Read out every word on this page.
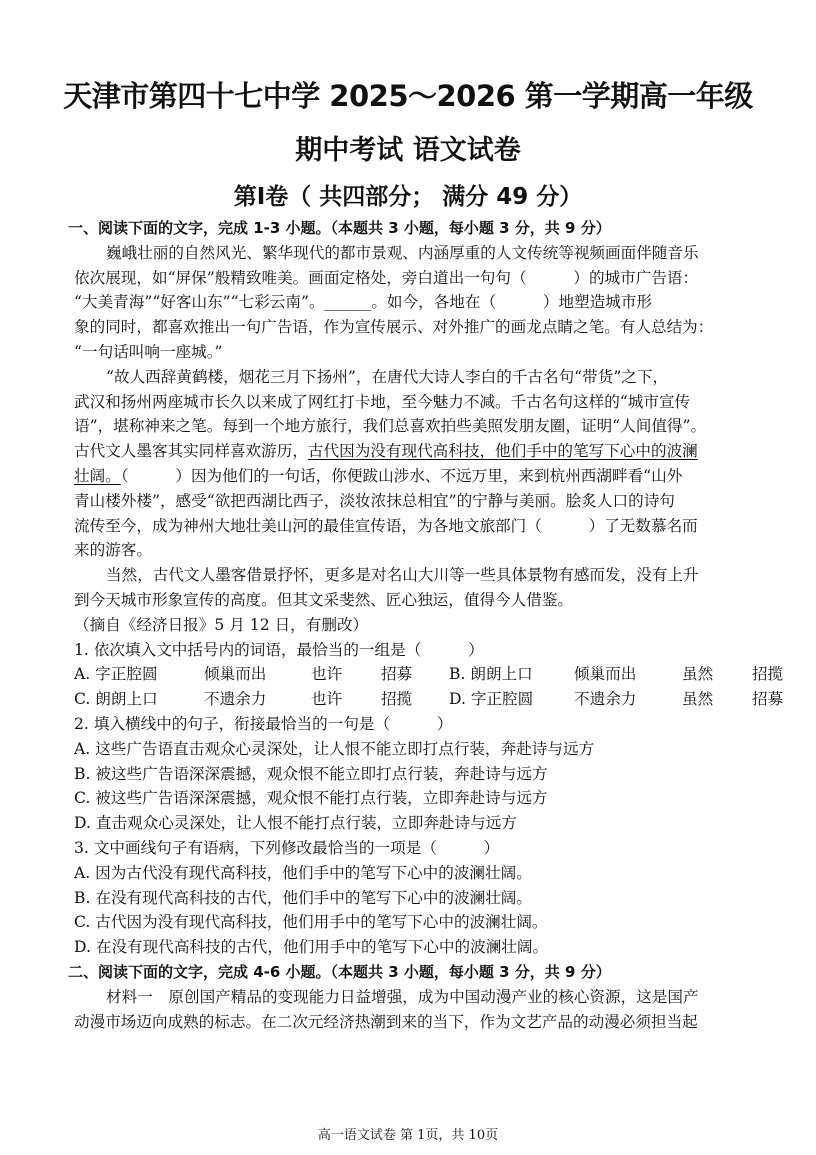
天津市第四十七中学 2025～2026 第一学期高一年级
期中考试 语文试卷
第Ⅰ卷（ 共四部分； 满分 49 分）
一、阅读下面的文字，完成 1-3 小题。（本题共 3 小题，每小题 3 分，共 9 分）
巍峨壮丽的自然风光、繁华现代的都市景观、内涵厚重的人文传统等视频画面伴随音乐
依次展现，如“屏保”般精致唯美。画面定格处，旁白道出一句句（　　　）的城市广告语：
“大美青海”“好客山东”“七彩云南”。______。如今，各地在（　　　）地塑造城市形
象的同时，都喜欢推出一句广告语，作为宣传展示、对外推广的画龙点睛之笔。有人总结为：
“一句话叫响一座城。”
“故人西辞黄鹤楼，烟花三月下扬州”，在唐代大诗人李白的千古名句“带货”之下，
武汉和扬州两座城市长久以来成了网红打卡地，至今魅力不减。千古名句这样的“城市宣传
语”，堪称神来之笔。每到一个地方旅行，我们总喜欢拍些美照发朋友圈，证明“人间值得”。
古代文人墨客其实同样喜欢游历，古代因为没有现代高科技，他们手中的笔写下心中的波澜
壮阔。（　　　）因为他们的一句话，你便跋山涉水、不远万里，来到杭州西湖畔看“山外
青山楼外楼”，感受“欲把西湖比西子，淡妆浓抹总相宜”的宁静与美丽。脍炙人口的诗句
流传至今，成为神州大地壮美山河的最佳宣传语，为各地文旅部门（　　　）了无数慕名而
来的游客。
当然，古代文人墨客借景抒怀，更多是对名山大川等一些具体景物有感而发，没有上升
到今天城市形象宣传的高度。但其文采斐然、匠心独运，值得今人借鉴。
（摘自《经济日报》5 月 12 日，有删改）
1. 依次填入文中括号内的词语，最恰当的一组是（　　　）
A. 字正腔圆	倾巢而出	也许	招募	B. 朗朗上口	倾巢而出	虽然	招揽
C. 朗朗上口	不遗余力	也许	招揽	D. 字正腔圆	不遗余力	虽然	招募
2. 填入横线中的句子，衔接最恰当的一句是（　　　）
A. 这些广告语直击观众心灵深处，让人恨不能立即打点行装，奔赴诗与远方
B. 被这些广告语深深震撼，观众恨不能立即打点行装，奔赴诗与远方
C. 被这些广告语深深震撼，观众恨不能打点行装，立即奔赴诗与远方
D. 直击观众心灵深处，让人恨不能打点行装，立即奔赴诗与远方
3. 文中画线句子有语病，下列修改最恰当的一项是（　　　）
A. 因为古代没有现代高科技，他们手中的笔写下心中的波澜壮阔。
B. 在没有现代高科技的古代，他们手中的笔写下心中的波澜壮阔。
C. 古代因为没有现代高科技，他们用手中的笔写下心中的波澜壮阔。
D. 在没有现代高科技的古代，他们用手中的笔写下心中的波澜壮阔。
二、阅读下面的文字，完成 4-6 小题。（本题共 3 小题，每小题 3 分，共 9 分）
材料一　原创国产精品的变现能力日益增强，成为中国动漫产业的核心资源，这是国产
动漫市场迈向成熟的标志。在二次元经济热潮到来的当下，作为文艺产品的动漫必须担当起
高一语文试卷 第 1页，共 10页
